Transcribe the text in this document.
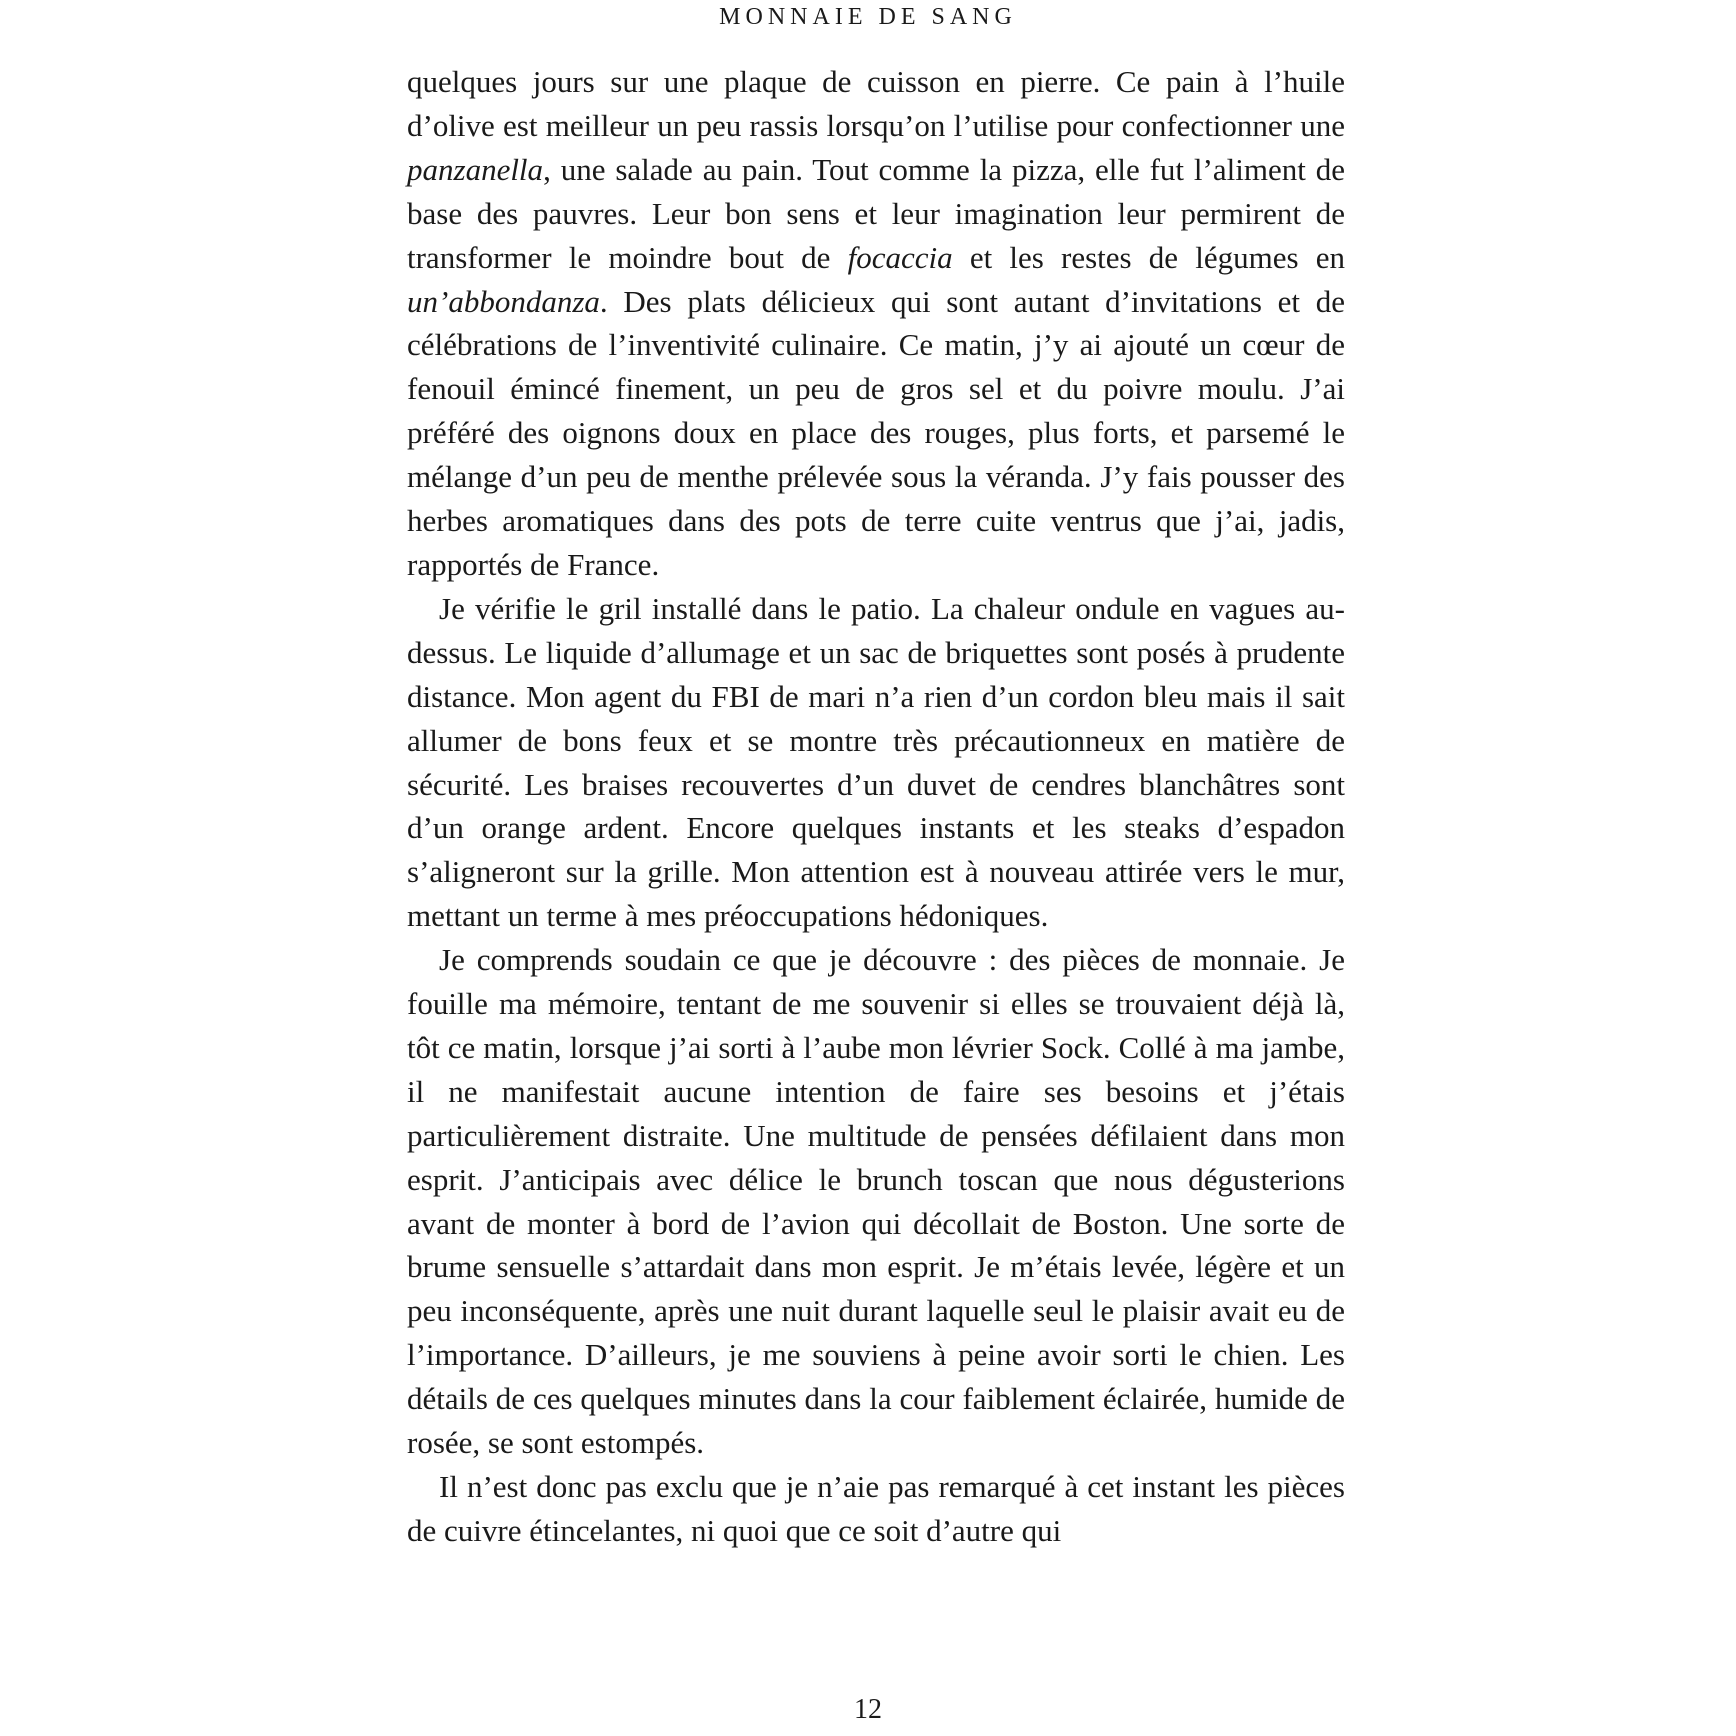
MONNAIE DE SANG

quelques jours sur une plaque de cuisson en pierre. Ce pain à l’huile d’olive est meilleur un peu rassis lorsqu’on l’utilise pour confectionner une panzanella, une salade au pain. Tout comme la pizza, elle fut l’aliment de base des pauvres. Leur bon sens et leur imagination leur permirent de transformer le moindre bout de focaccia et les restes de légumes en un’abbondanza. Des plats délicieux qui sont autant d’invitations et de célébrations de l’inventivité culinaire. Ce matin, j’y ai ajouté un cœur de fenouil émincé finement, un peu de gros sel et du poivre moulu. J’ai préféré des oignons doux en place des rouges, plus forts, et parsemé le mélange d’un peu de menthe prélevée sous la véranda. J’y fais pousser des herbes aromatiques dans des pots de terre cuite ventrus que j’ai, jadis, rapportés de France.

Je vérifie le gril installé dans le patio. La chaleur ondule en vagues au-dessus. Le liquide d’allumage et un sac de briquettes sont posés à prudente distance. Mon agent du FBI de mari n’a rien d’un cordon bleu mais il sait allumer de bons feux et se montre très précautionneux en matière de sécurité. Les braises recouvertes d’un duvet de cendres blanchâtres sont d’un orange ardent. Encore quelques instants et les steaks d’espadon s’aligneront sur la grille. Mon attention est à nouveau attirée vers le mur, mettant un terme à mes préoccupations hédoniques.

Je comprends soudain ce que je découvre : des pièces de monnaie. Je fouille ma mémoire, tentant de me souvenir si elles se trouvaient déjà là, tôt ce matin, lorsque j’ai sorti à l’aube mon lévrier Sock. Collé à ma jambe, il ne manifestait aucune intention de faire ses besoins et j’étais particulièrement distraite. Une multitude de pensées défilaient dans mon esprit. J’anticipais avec délice le brunch toscan que nous dégusterions avant de monter à bord de l’avion qui décollait de Boston. Une sorte de brume sensuelle s’attardait dans mon esprit. Je m’étais levée, légère et un peu inconséquente, après une nuit durant laquelle seul le plaisir avait eu de l’importance. D’ailleurs, je me souviens à peine avoir sorti le chien. Les détails de ces quelques minutes dans la cour faiblement éclairée, humide de rosée, se sont estompés.

Il n’est donc pas exclu que je n’aie pas remarqué à cet instant les pièces de cuivre étincelantes, ni quoi que ce soit d’autre qui

12
